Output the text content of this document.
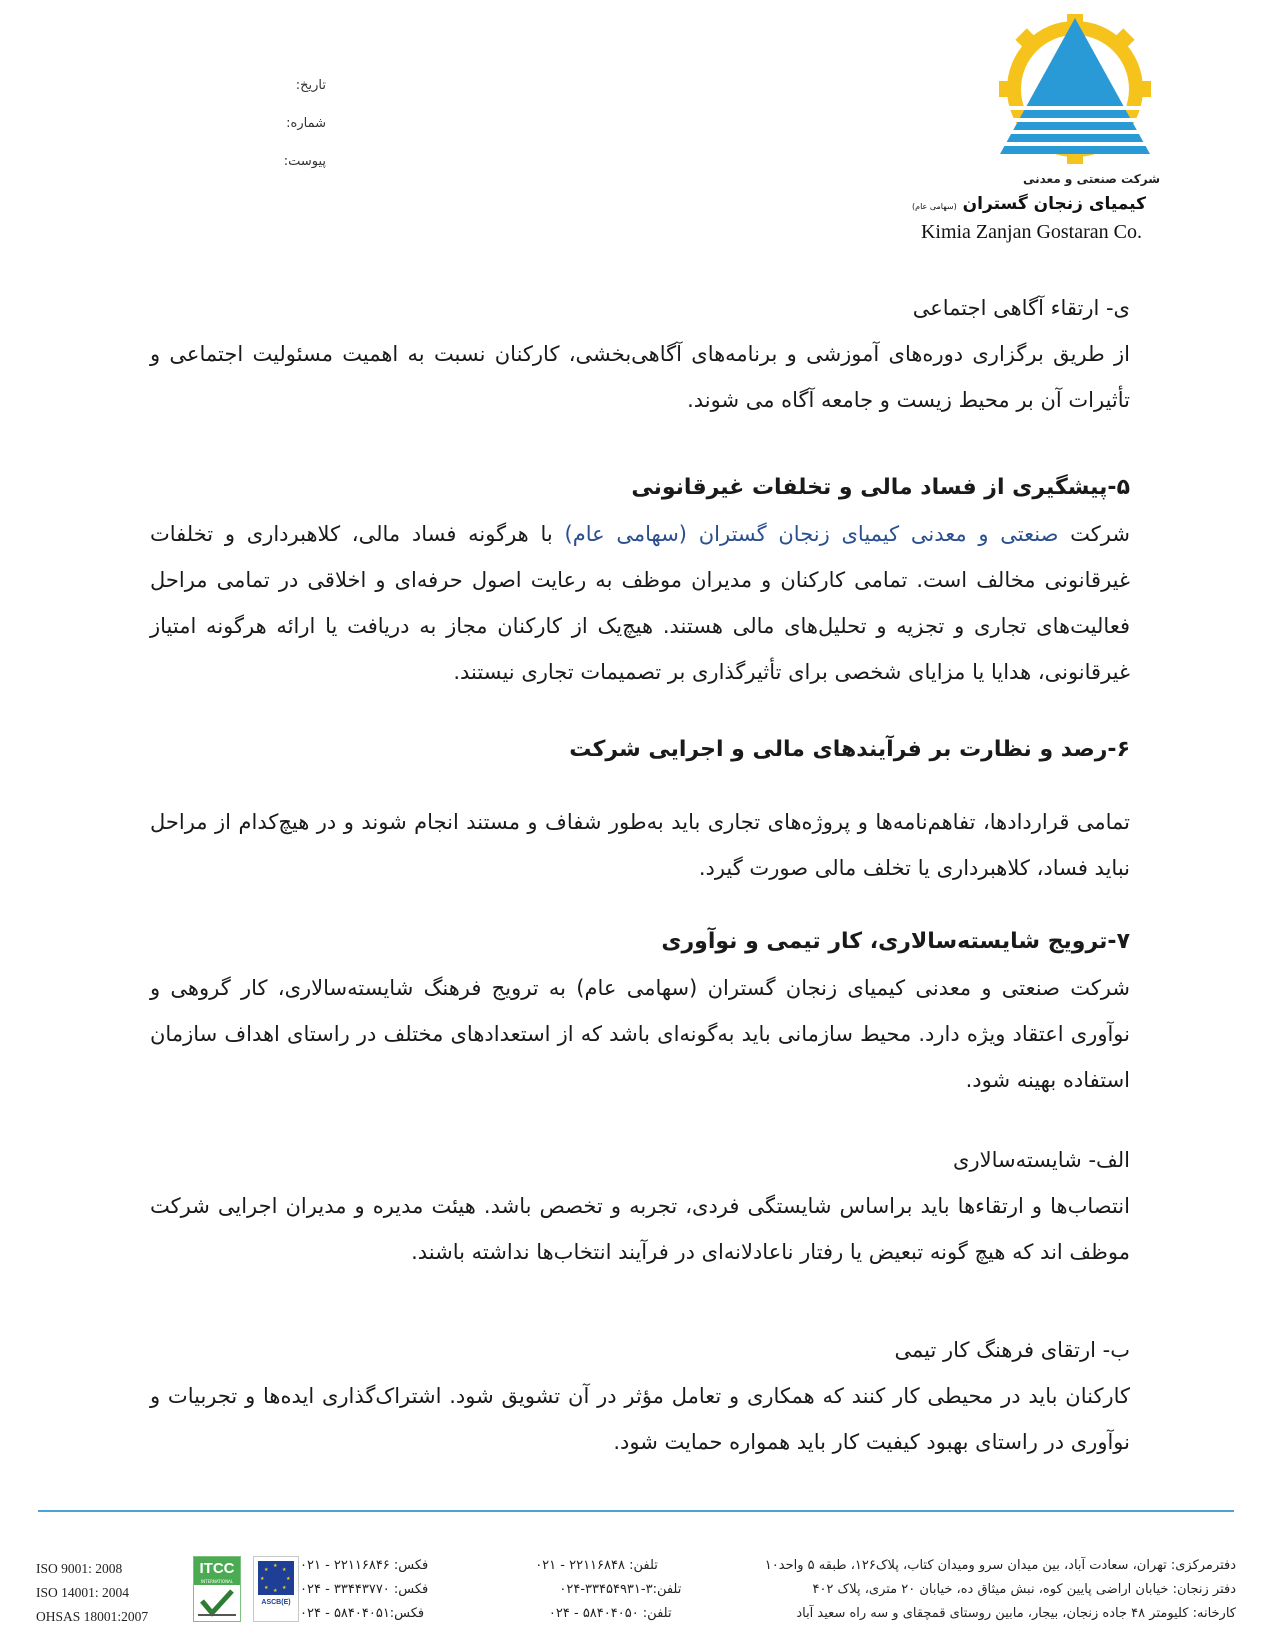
تاریخ:
شماره:
پیوست:
شرکت صنعتی و معدنی
کیمیای زنجان گستران (سهامی عام)
Kimia Zanjan Gostaran Co.

ی- ارتقاء آگاهی اجتماعی

از طریق برگزاری دوره‌های آموزشی و برنامه‌های آگاهی‌بخشی، کارکنان نسبت به اهمیت مسئولیت اجتماعی و تأثیرات آن بر محیط زیست و جامعه آگاه می شوند.

۵-پیشگیری از فساد مالی و تخلفات غیرقانونی

شرکت صنعتی و معدنی کیمیای زنجان گستران (سهامی عام) با هرگونه فساد مالی، کلاهبرداری و تخلفات غیرقانونی مخالف است. تمامی کارکنان و مدیران موظف به رعایت اصول حرفه‌ای و اخلاقی در تمامی مراحل فعالیت‌های تجاری و تجزیه و تحلیل‌های مالی هستند. هیچ‌یک از کارکنان مجاز به دریافت یا ارائه هرگونه امتیاز غیرقانونی، هدایا یا مزایای شخصی برای تأثیرگذاری بر تصمیمات تجاری نیستند.

۶-رصد و نظارت بر فرآیندهای مالی و اجرایی شرکت

تمامی قراردادها، تفاهم‌نامه‌ها و پروژه‌های تجاری باید به‌طور شفاف و مستند انجام شوند و در هیچ‌کدام از مراحل نباید فساد، کلاهبرداری یا تخلف مالی صورت گیرد.

۷-ترویج شایسته‌سالاری، کار تیمی و نوآوری

شرکت صنعتی و معدنی کیمیای زنجان گستران (سهامی عام) به ترویج فرهنگ شایسته‌سالاری، کار گروهی و نوآوری اعتقاد ویژه دارد. محیط سازمانی باید به‌گونه‌ای باشد که از استعدادهای مختلف در راستای اهداف سازمان استفاده بهینه شود.

الف- شایسته‌سالاری

انتصاب‌ها و ارتقاءها باید براساس شایستگی فردی، تجربه و تخصص باشد. هیئت مدیره و مدیران اجرایی شرکت موظف اند که هیچ گونه تبعیض یا رفتار ناعادلانه‌ای در فرآیند انتخاب‌ها نداشته باشند.

ب- ارتقای فرهنگ کار تیمی

کارکنان باید در محیطی کار کنند که همکاری و تعامل مؤثر در آن تشویق شود. اشتراک‌گذاری ایده‌ها و تجربیات و نوآوری در راستای بهبود کیفیت کار باید همواره حمایت شود.

ISO 9001: 2008
ISO 14001: 2004
OHSAS 18001:2007
ITCC
INTERNATIONAL
★
★
★
★
★
★
★
★
ASCB(E)
دفترمرکزی: تهران، سعادت آباد، بین میدان سرو ومیدان کتاب، پلاک۱۲۶، طبقه ۵ واحد۱۰
تلفن: ۲۲۱۱۶۸۴۸ - ۰۲۱
فکس: ۲۲۱۱۶۸۴۶ - ۰۲۱
دفتر زنجان: خیابان اراضی پایین کوه، نبش میثاق ده، خیابان ۲۰ متری، پلاک ۴۰۲
تلفن:۳-۳۳۴۵۴۹۳۱-۰۲۴
فکس: ۳۳۴۴۳۷۷۰ - ۰۲۴
کارخانه: کلیومتر ۴۸ جاده زنجان، بیجار، مابین روستای قمچقای و سه راه سعید آباد
تلفن: ۵۸۴۰۴۰۵۰ - ۰۲۴
فکس:۵۸۴۰۴۰۵۱ - ۰۲۴
